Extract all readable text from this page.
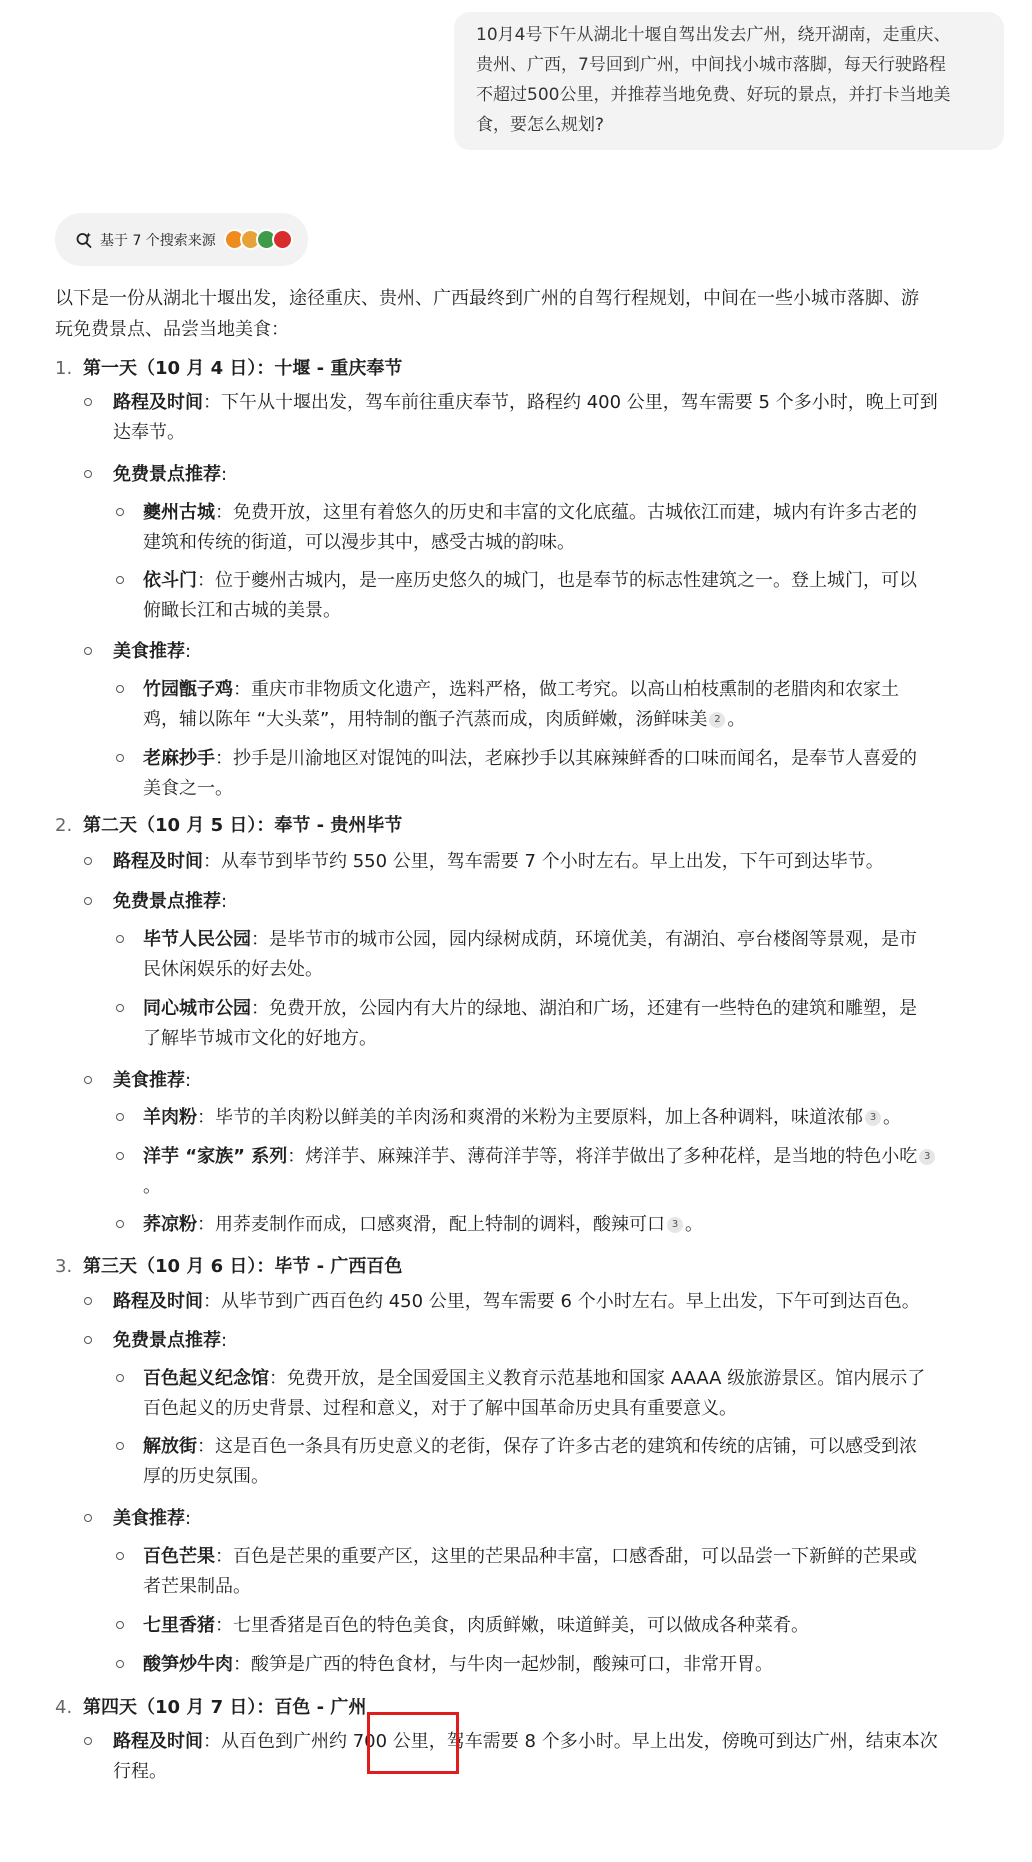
10月4号下午从湖北十堰自驾出发去广州，绕开湖南，走重庆、
贵州、广西，7号回到广州，中间找小城市落脚，每天行驶路程
不超过500公里，并推荐当地免费、好玩的景点，并打卡当地美
食，要怎么规划?
基于 7 个搜索来源
以下是一份从湖北十堰出发，途径重庆、贵州、广西最终到广州的自驾行程规划，中间在一些小城市落脚、游
玩免费景点、品尝当地美食：
1. 第一天（10 月 4 日）：十堰 - 重庆奉节
路程及时间：下午从十堰出发，驾车前往重庆奉节，路程约 400 公里，驾车需要 5 个多小时，晚上可到
达奉节。
免费景点推荐:
夔州古城：免费开放，这里有着悠久的历史和丰富的文化底蕴。古城依江而建，城内有许多古老的
建筑和传统的街道，可以漫步其中，感受古城的韵味。
依斗门：位于夔州古城内，是一座历史悠久的城门，也是奉节的标志性建筑之一。登上城门，可以
俯瞰长江和古城的美景。
美食推荐:
竹园甑子鸡：重庆市非物质文化遗产，选料严格，做工考究。以高山柏枝熏制的老腊肉和农家土
鸡，辅以陈年 “大头菜”，用特制的甑子汽蒸而成，肉质鲜嫩，汤鲜味美 2 。
老麻抄手：抄手是川渝地区对馄饨的叫法，老麻抄手以其麻辣鲜香的口味而闻名，是奉节人喜爱的
美食之一。
2. 第二天（10 月 5 日）：奉节 - 贵州毕节
路程及时间：从奉节到毕节约 550 公里，驾车需要 7 个小时左右。早上出发，下午可到达毕节。
免费景点推荐:
毕节人民公园：是毕节市的城市公园，园内绿树成荫，环境优美，有湖泊、亭台楼阁等景观，是市
民休闲娱乐的好去处。
同心城市公园：免费开放，公园内有大片的绿地、湖泊和广场，还建有一些特色的建筑和雕塑，是
了解毕节城市文化的好地方。
美食推荐:
羊肉粉：毕节的羊肉粉以鲜美的羊肉汤和爽滑的米粉为主要原料，加上各种调料，味道浓郁 3 。
洋芋 “家族” 系列：烤洋芋、麻辣洋芋、薄荷洋芋等，将洋芋做出了多种花样，是当地的特色小吃 3
。
荞凉粉：用荞麦制作而成，口感爽滑，配上特制的调料，酸辣可口 3 。
3. 第三天（10 月 6 日）：毕节 - 广西百色
路程及时间：从毕节到广西百色约 450 公里，驾车需要 6 个小时左右。早上出发，下午可到达百色。
免费景点推荐:
百色起义纪念馆：免费开放，是全国爱国主义教育示范基地和国家 AAAA 级旅游景区。馆内展示了
百色起义的历史背景、过程和意义，对于了解中国革命历史具有重要意义。
解放街：这是百色一条具有历史意义的老街，保存了许多古老的建筑和传统的店铺，可以感受到浓
厚的历史氛围。
美食推荐:
百色芒果：百色是芒果的重要产区，这里的芒果品种丰富，口感香甜，可以品尝一下新鲜的芒果或
者芒果制品。
七里香猪：七里香猪是百色的特色美食，肉质鲜嫩，味道鲜美，可以做成各种菜肴。
酸笋炒牛肉：酸笋是广西的特色食材，与牛肉一起炒制，酸辣可口，非常开胃。
4. 第四天（10 月 7 日）：百色 - 广州
路程及时间：从百色到广州约 700 公里，驾车需要 8 个多小时。早上出发，傍晚可到达广州，结束本次
行程。
